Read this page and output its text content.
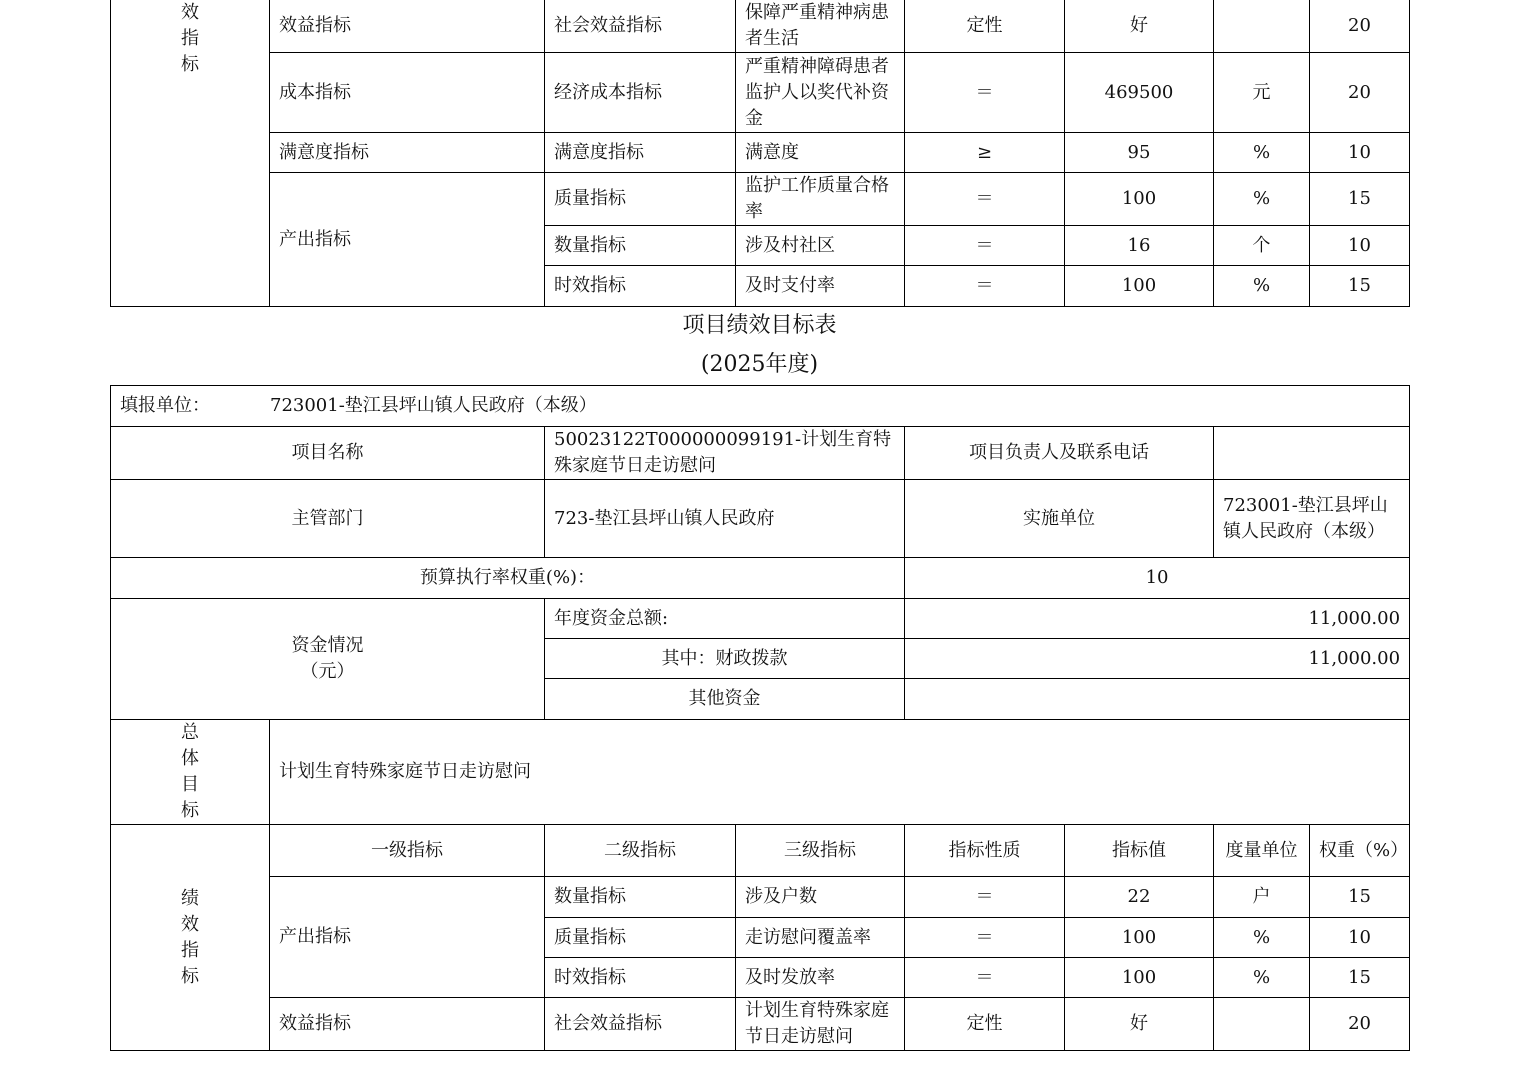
效
指
标	效益指标	社会效益指标	保障严重精神病患者生活	定性	好		20
	成本指标	经济成本指标	严重精神障碍患者监护人以奖代补资金	＝	469500	元	20
	满意度指标	满意度指标	满意度	≥	95	%	10
	产出指标	质量指标	监护工作质量合格率	＝	100	%	15
		数量指标	涉及村社区	＝	16	个	10
		时效指标	及时支付率	＝	100	%	15
项目绩效目标表
(2025年度)
填报单位： 723001-垫江县坪山镇人民政府（本级）							
项目名称		50023122T000000099191-计划生育特殊家庭节日走访慰问		项目负责人及联系电话			
主管部门		723-垫江县坪山镇人民政府		实施单位		723001-垫江县坪山镇人民政府（本级）	
预算执行率权重(%)：				10			

资金情况
（元）		年度资金总额:		11,000.00			
		其中：财政拨款		11,000.00			
		其他资金					

总
体
目
标	计划生育特殊家庭节日走访慰问						

绩
效
指
标	一级指标	二级指标	三级指标	指标性质	指标值	度量单位	权重（%）
	产出指标	数量指标	涉及户数	＝	22	户	15
		质量指标	走访慰问覆盖率	＝	100	%	10
		时效指标	及时发放率	＝	100	%	15
	效益指标	社会效益指标	计划生育特殊家庭节日走访慰问	定性	好		20
